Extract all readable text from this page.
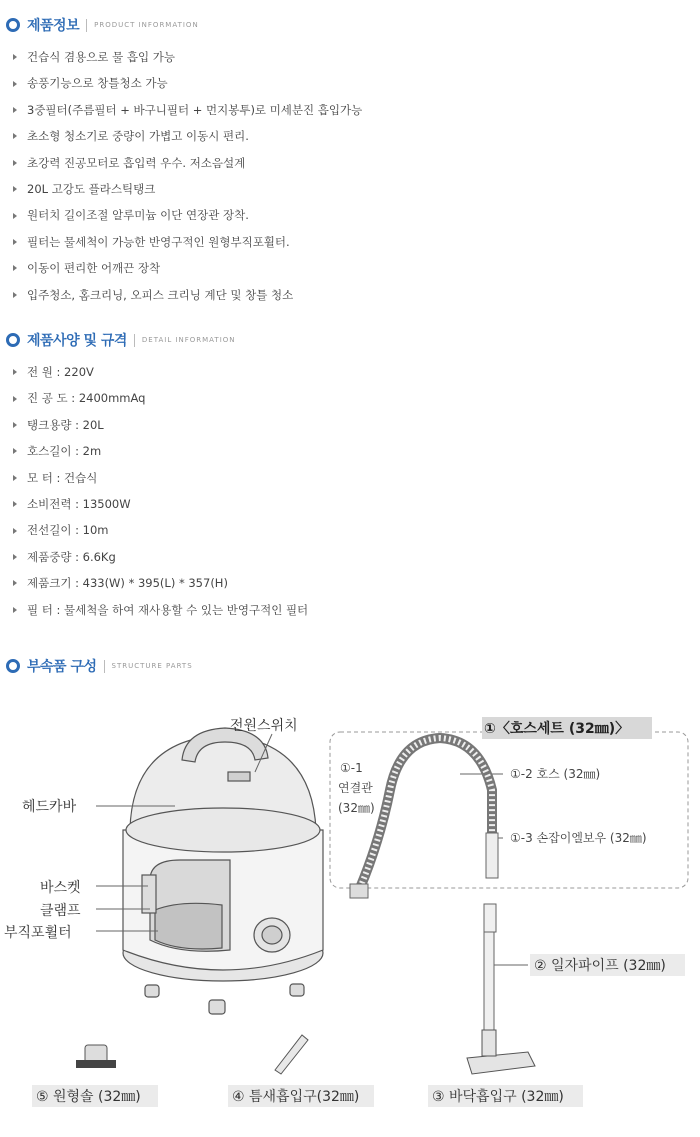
제품정보 PRODUCT INFORMATION
건습식 겸용으로 물 흡입 가능
송풍기능으로 창틀청소 가능
3중필터(주름필터 + 바구니필터 + 먼지봉투)로 미세분진 흡입가능
초소형 청소기로 중량이 가볍고 이동시 편리.
초강력 진공모터로 흡입력 우수. 저소음설계
20L 고강도 플라스틱탱크
원터치 길이조절 알루미늄 이단 연장관 장착.
필터는 물세척이 가능한 반영구적인 원형부직포휠터.
이동이 편리한 어깨끈 장착
입주청소, 홈크리닝, 오피스 크리닝 계단 및 창틀 청소
제품사양 및 규격 DETAIL INFORMATION
전 원 : 220V
진 공 도 : 2400mmAq
탱크용량 : 20L
호스길이 : 2m
모 터 : 건습식
소비전력 : 13500W
전선길이 : 10m
제품중량 : 6.6Kg
제품크기 : 433(W) * 395(L) * 357(H)
필 터 : 물세척을 하여 재사용할 수 있는 반영구적인 필터
부속품 구성 STRUCTURE PARTS
전원스위치
헤드카바
바스켓
클램프
부직포휠터
①〈호스세트 (32㎜)〉
①-1
연결관
(32㎜)
①-2 호스 (32㎜)
①-3 손잡이엘보우 (32㎜)
② 일자파이프 (32㎜)
③ 바닥흡입구 (32㎜)
④ 틈새흡입구(32㎜)
⑤ 원형솔 (32㎜)
